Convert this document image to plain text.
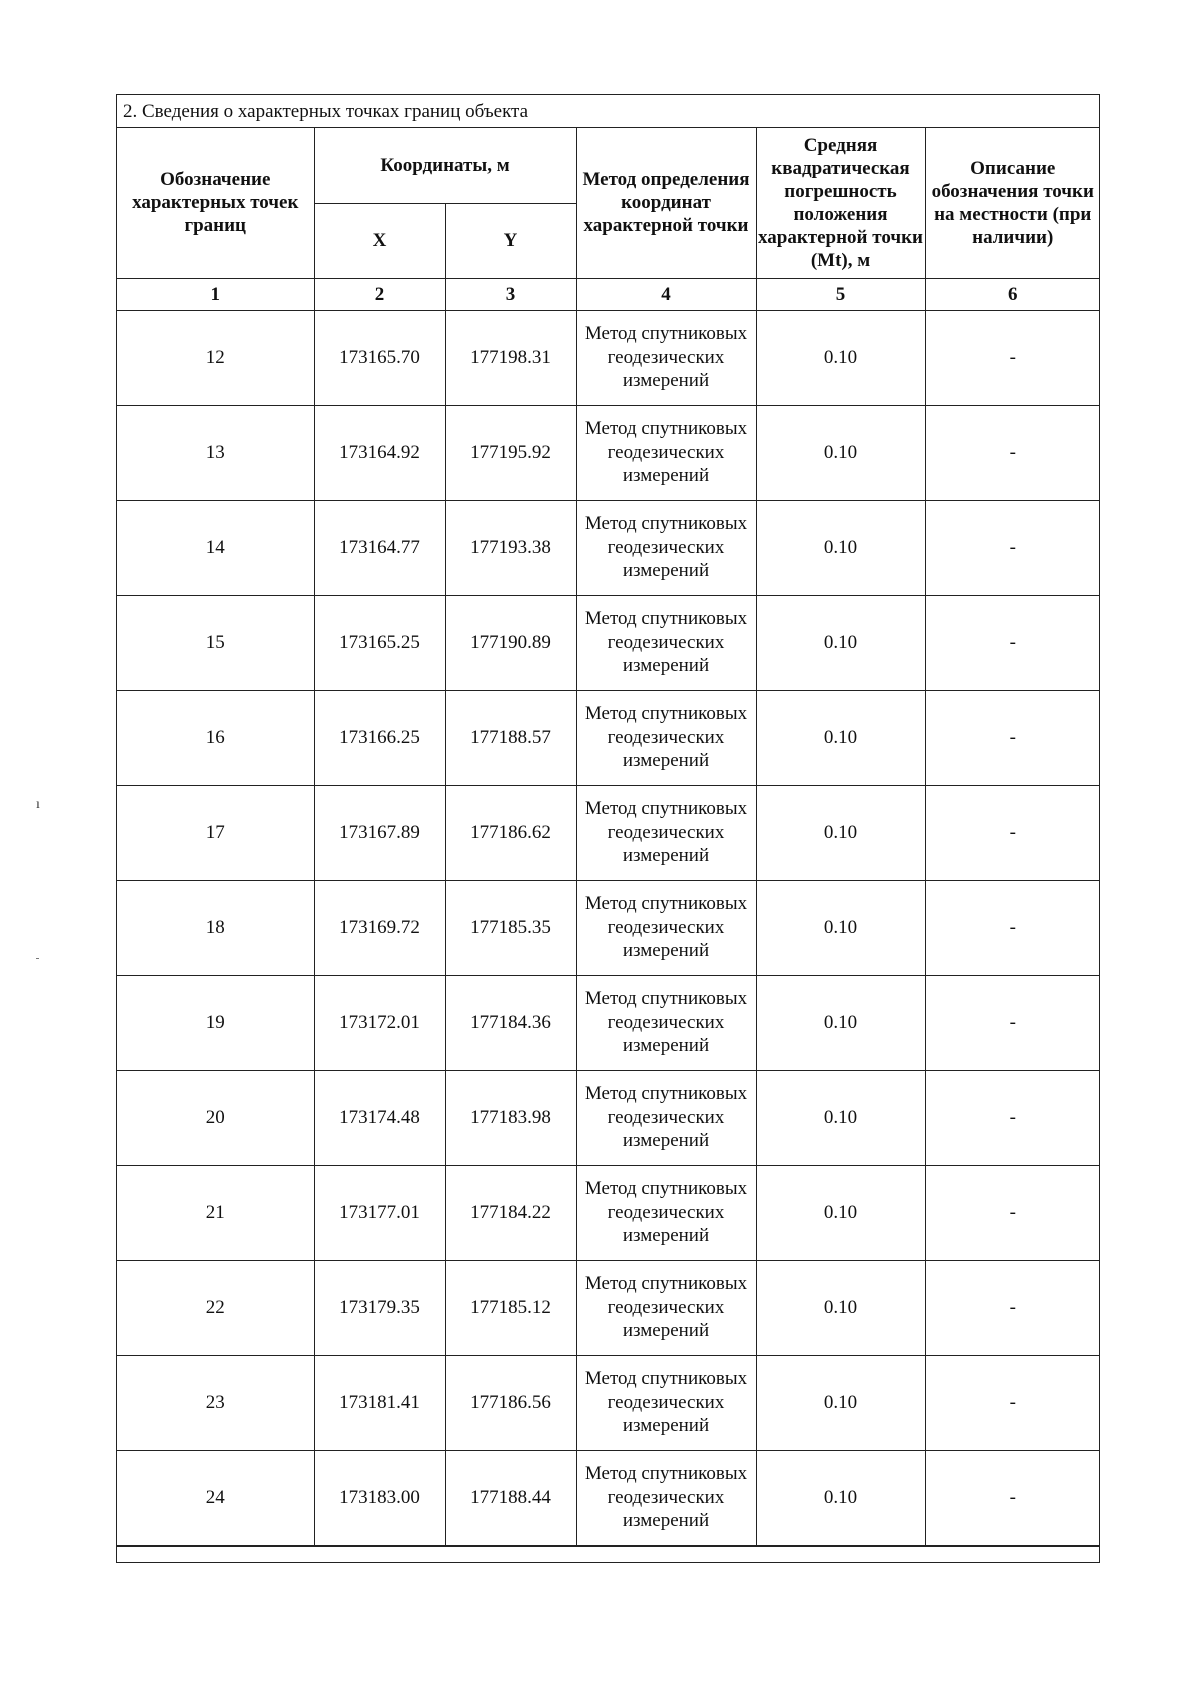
ı
2. Сведения о характерных точках границ объекта
Обозначение характерных точек границ	Координаты, м		Метод определения координат характерной точки	Средняя квадратическая погрешность положения характерной точки (Mt), м	Описание обозначения точки на местности (при наличии)
	X	Y			
1	2	3	4	5	6
12	173165.70	177198.31	Метод спутниковых геодезических измерений	0.10	-
13	173164.92	177195.92	Метод спутниковых геодезических измерений	0.10	-
14	173164.77	177193.38	Метод спутниковых геодезических измерений	0.10	-
15	173165.25	177190.89	Метод спутниковых геодезических измерений	0.10	-
16	173166.25	177188.57	Метод спутниковых геодезических измерений	0.10	-
17	173167.89	177186.62	Метод спутниковых геодезических измерений	0.10	-
18	173169.72	177185.35	Метод спутниковых геодезических измерений	0.10	-
19	173172.01	177184.36	Метод спутниковых геодезических измерений	0.10	-
20	173174.48	177183.98	Метод спутниковых геодезических измерений	0.10	-
21	173177.01	177184.22	Метод спутниковых геодезических измерений	0.10	-
22	173179.35	177185.12	Метод спутниковых геодезических измерений	0.10	-
23	173181.41	177186.56	Метод спутниковых геодезических измерений	0.10	-
24	173183.00	177188.44	Метод спутниковых геодезических измерений	0.10	-
